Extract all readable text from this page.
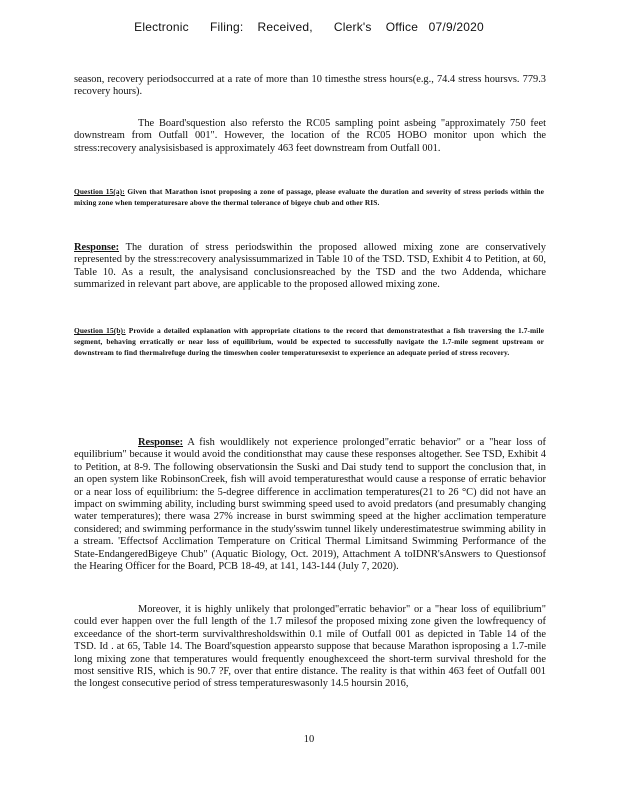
Electronic      Filing:    Received,      Clerk's    Office   07/9/2020
season, recovery periodsoccurred at a rate of more than 10 timesthe stress hours(e.g., 74.4 stress hoursvs. 779.3 recovery hours).
The Board'squestion also refersto the RC05 sampling point asbeing "approximately 750 feet downstream from Outfall 001". However, the location of the RC05 HOBO monitor upon which the stress:recovery analysisisbased is approximately 463 feet downstream from Outfall 001.
Question 15(a): Given that Marathon isnot proposing a zone of passage, please evaluate the duration and severity of stress periods within the mixing zone when temperaturesare above the thermal tolerance of bigeye chub and other RIS.
Response: The duration of stress periodswithin the proposed allowed mixing zone are conservatively represented by the stress:recovery analysissummarized in Table 10 of the TSD. TSD, Exhibit 4 to Petition, at 60, Table 10. As a result, the analysisand conclusionsreached by the TSD and the two Addenda, whichare summarized in relevant part above, are applicable to the proposed allowed mixing zone.
Question 15(b): Provide a detailed explanation with appropriate citations to the record that demonstratesthat a fish traversing the 1.7-mile segment, behaving erratically or near loss of equilibrium, would be expected to successfully navigate the 1.7-mile segment upstream or downstream to find thermalrefuge during the timeswhen cooler temperaturesexist to experience an adequate period of stress recovery.
Response: A fish wouldlikely not experience prolonged"erratic behavior" or a "hear loss of equilibrium" because it would avoid the conditionsthat may cause these responses altogether. See TSD, Exhibit 4 to Petition, at 8-9. The following observationsin the Suski and Dai study tend to support the conclusion that, in an open system like RobinsonCreek, fish will avoid temperaturesthat would cause a response of erratic behavior or a near loss of equilibrium: the 5-degree difference in acclimation temperatures(21 to 26 °C) did not have an impact on swimming ability, including burst swimming speed used to avoid predators (and presumably changing water temperatures); there wasa 27% increase in burst swimming speed at the higher acclimation temperature considered; and swimming performance in the study'sswim tunnel likely underestimatestrue swimming ability in a stream. 'Effectsof Acclimation Temperature on Critical Thermal Limitsand Swimming Performance of the State-EndangeredBigeye Chub" (Aquatic Biology, Oct. 2019), Attachment A toIDNR'sAnswers to Questionsof the Hearing Officer for the Board, PCB 18-49, at 141, 143-144 (July 7, 2020).
Moreover, it is highly unlikely that prolonged"erratic behavior" or a "hear loss of equilibrium" could ever happen over the full length of the 1.7 milesof the proposed mixing zone given the lowfrequency of exceedance of the short-term survivalthresholdswithin 0.1 mile of Outfall 001 as depicted in Table 14 of the TSD. Id . at 65, Table 14. The Board'squestion appearsto suppose that because Marathon isproposing a 1.7-mile long mixing zone that temperatures would frequently enoughexceed the short-term survival threshold for the most sensitive RIS, which is 90.7 ?F, over that entire distance. The reality is that within 463 feet of Outfall 001 the longest consecutive period of stress temperatureswasonly 14.5 hoursin 2016,
10
